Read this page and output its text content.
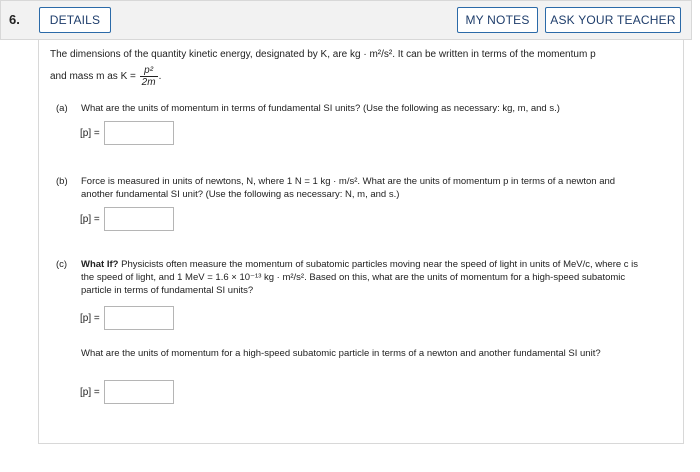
6.	DETAILS	MY NOTES	ASK YOUR TEACHER
The dimensions of the quantity kinetic energy, designated by K, are kg · m²/s². It can be written in terms of the momentum p
and mass m as $K = \frac{\text{p²}}{2m}$ .
(a) What are the units of momentum in terms of fundamental SI units? (Use the following as necessary: kg, m, and s.)
[p] =
(b) Force is measured in units of newtons, N, where 1 N = 1 kg · m/s². What are the units of momentum p in terms of a newton and another fundamental SI unit? (Use the following as necessary: N, m, and s.)
[p] =
(c) What If? Physicists often measure the momentum of subatomic particles moving near the speed of light in units of MeV/c, where c is the speed of light, and 1 MeV = 1.6 × 10⁻¹³ kg · m²/s². Based on this, what are the units of momentum for a high-speed subatomic particle in terms of fundamental SI units?
[p] =
What are the units of momentum for a high-speed subatomic particle in terms of a newton and another fundamental SI unit?
[p] =
